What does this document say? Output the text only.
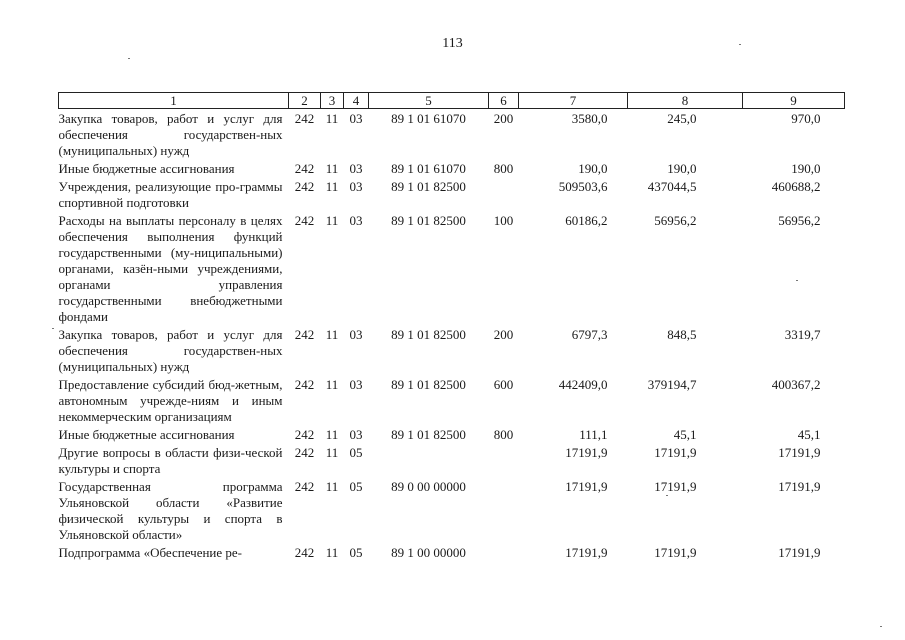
113
1	2	3	4	5	6	7	8	9
Закупка товаров, работ и услуг для обеспечения государствен-ных (муниципальных) нужд	242	11	03	89 1 01 61070	200	3580,0	245,0	970,0
Иные бюджетные ассигнования	242	11	03	89 1 01 61070	800	190,0	190,0	190,0
Учреждения, реализующие про-граммы спортивной подготовки	242	11	03	89 1 01 82500		509503,6	437044,5	460688,2
Расходы на выплаты персоналу в целях обеспечения выполнения функций государственными (му-ниципальными) органами, казён-ными учреждениями, органами управления государственными внебюджетными фондами	242	11	03	89 1 01 82500	100	60186,2	56956,2	56956,2
Закупка товаров, работ и услуг для обеспечения государствен-ных (муниципальных) нужд	242	11	03	89 1 01 82500	200	6797,3	848,5	3319,7
Предоставление субсидий бюд-жетным, автономным учрежде-ниям и иным некоммерческим организациям	242	11	03	89 1 01 82500	600	442409,0	379194,7	400367,2
Иные бюджетные ассигнования	242	11	03	89 1 01 82500	800	111,1	45,1	45,1
Другие вопросы в области физи-ческой культуры и спорта	242	11	05			17191,9	17191,9	17191,9
Государственная программа Ульяновской области «Развитие физической культуры и спорта в Ульяновской области»	242	11	05	89 0 00 00000		17191,9	17191,9	17191,9
Подпрограмма «Обеспечение ре-	242	11	05	89 1 00 00000		17191,9	17191,9	17191,9
